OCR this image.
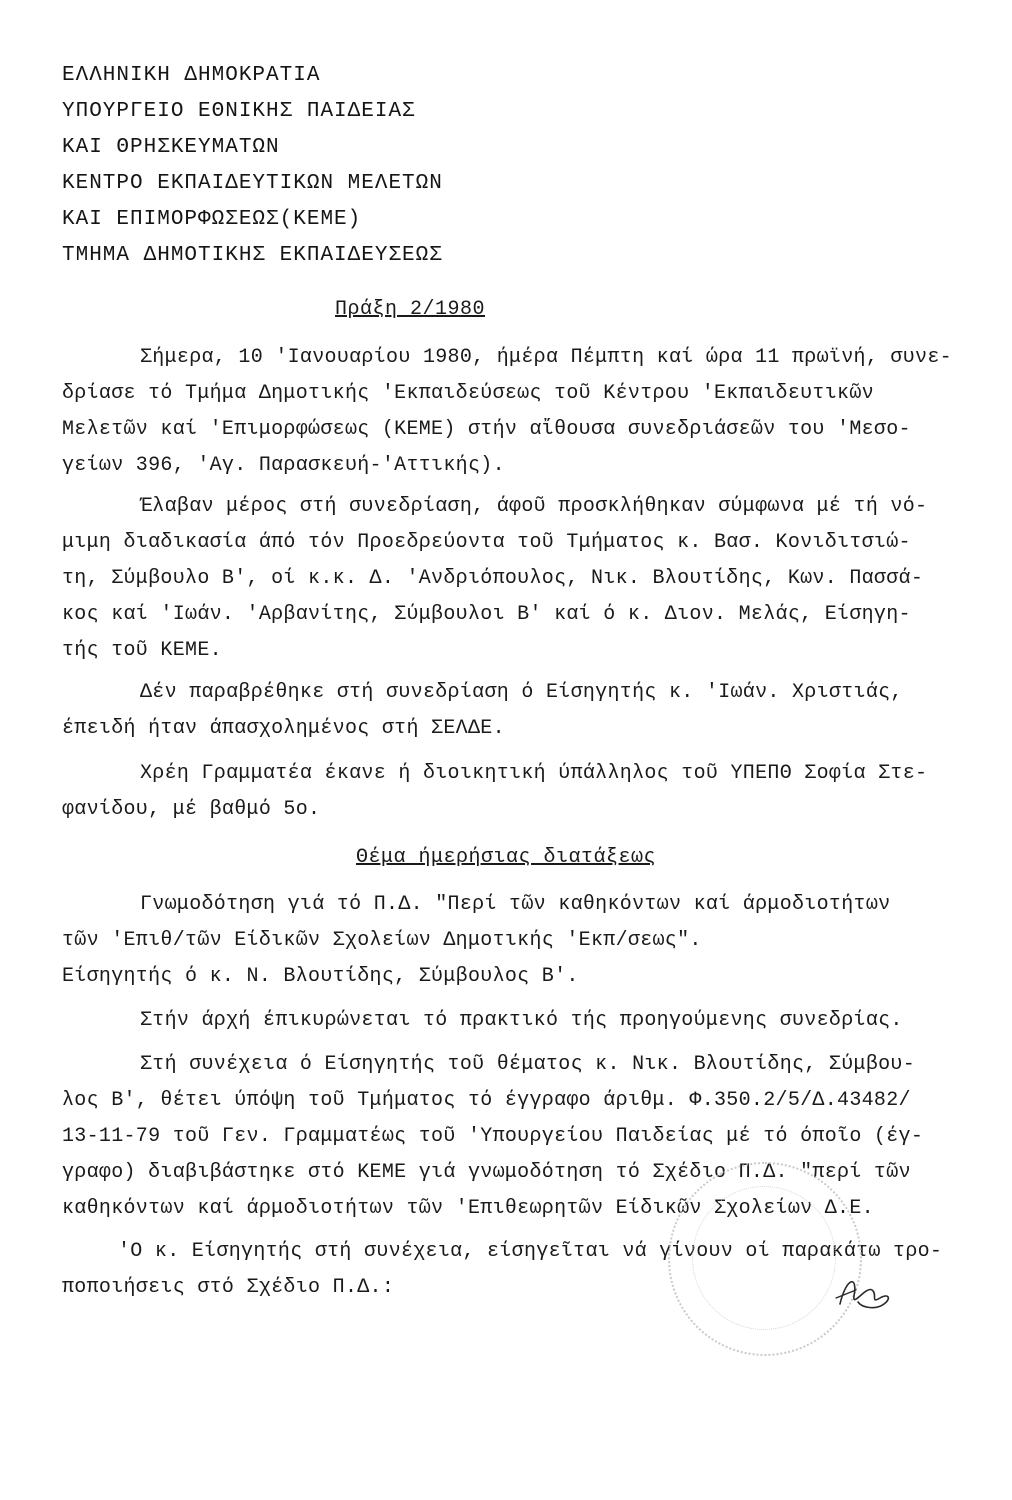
ΕΛΛΗΝΙΚΗ ΔΗΜΟΚΡΑΤΙΑ
ΥΠΟΥΡΓΕΙΟ ΕΘΝΙΚΗΣ ΠΑΙΔΕΙΑΣ
ΚΑΙ ΘΡΗΣΚΕΥΜΑΤΩΝ
ΚΕΝΤΡΟ ΕΚΠΑΙΔΕΥΤΙΚΩΝ ΜΕΛΕΤΩΝ
ΚΑΙ ΕΠΙΜΟΡΦΩΣΕΩΣ(ΚΕΜΕ)
ΤΜΗΜΑ ΔΗΜΟΤΙΚΗΣ ΕΚΠΑΙΔΕΥΣΕΩΣ
Πράξη 2/1980
Σήμερα, 10 'Ιανουαρίου 1980, ήμέρα Πέμπτη καί ώρα 11 πρωϊνή, συνε-
δρίασε τό Τμήμα Δημοτικής 'Εκπαιδεύσεως τοῦ Κέντρου 'Εκπαιδευτικῶν
Μελετῶν καί 'Επιμορφώσεως (ΚΕΜΕ) στήν αἴθουσα συνεδριάσεῶν του 'Μεσο-
γείων 396, 'Αγ. Παρασκευή-'Αττικής).
Έλαβαν μέρος στή συνεδρίαση, άφοῦ προσκλήθηκαν σύμφωνα μέ τή νό-
μιμη διαδικασία άπό τόν Προεδρεύοντα τοῦ Τμήματος κ. Βασ. Κονιδιτσιώ-
τη, Σύμβουλο Β', οί κ.κ. Δ. 'Ανδριόπουλος, Νικ. Βλουτίδης, Κων. Πασσά-
κος καί 'Ιωάν. 'Αρβανίτης, Σύμβουλοι Β' καί ό κ. Διον. Μελάς, Είσηγη-
τής τοῦ ΚΕΜΕ.
Δέν παραβρέθηκε στή συνεδρίαση ό Είσηγητής κ. 'Ιωάν. Χριστιάς,
έπειδή ήταν άπασχολημένος στή ΣΕΛΔΕ.
Χρέη Γραμματέα έκανε ή διοικητική ύπάλληλος τοῦ ΥΠΕΠΘ Σοφία Στε-
φανίδου, μέ βαθμό 5ο.
Θέμα ήμερήσιας διατάξεως
Γνωμοδότηση γιά τό Π.Δ. "Περί τῶν καθηκόντων καί άρμοδιοτήτων
τῶν 'Επιθ/τῶν Είδικῶν Σχολείων Δημοτικής 'Εκπ/σεως".
Είσηγητής ό κ. Ν. Βλουτίδης, Σύμβουλος Β'.
Στήν άρχή έπικυρώνεται τό πρακτικό τής προηγούμενης συνεδρίας.
Στή συνέχεια ό Είσηγητής τοῦ θέματος κ. Νικ. Βλουτίδης, Σύμβου-
λος Β', θέτει ύπόψη τοῦ Τμήματος τό έγγραφο άριθμ. Φ.350.2/5/Δ.43482/
13-11-79 τοῦ Γεν. Γραμματέως τοῦ 'Υπουργείου Παιδείας μέ τό όποῖο (έγ-
γραφο) διαβιβάστηκε στό ΚΕΜΕ γιά γνωμοδότηση τό Σχέδιο Π.Δ. "περί τῶν
καθηκόντων καί άρμοδιοτήτων τῶν 'Επιθεωρητῶν Είδικῶν Σχολείων Δ.Ε.
'Ο κ. Είσηγητής στή συνέχεια, είσηγεῖται νά γίνουν οί παρακάτω τρο-
ποποιήσεις στό Σχέδιο Π.Δ.:
